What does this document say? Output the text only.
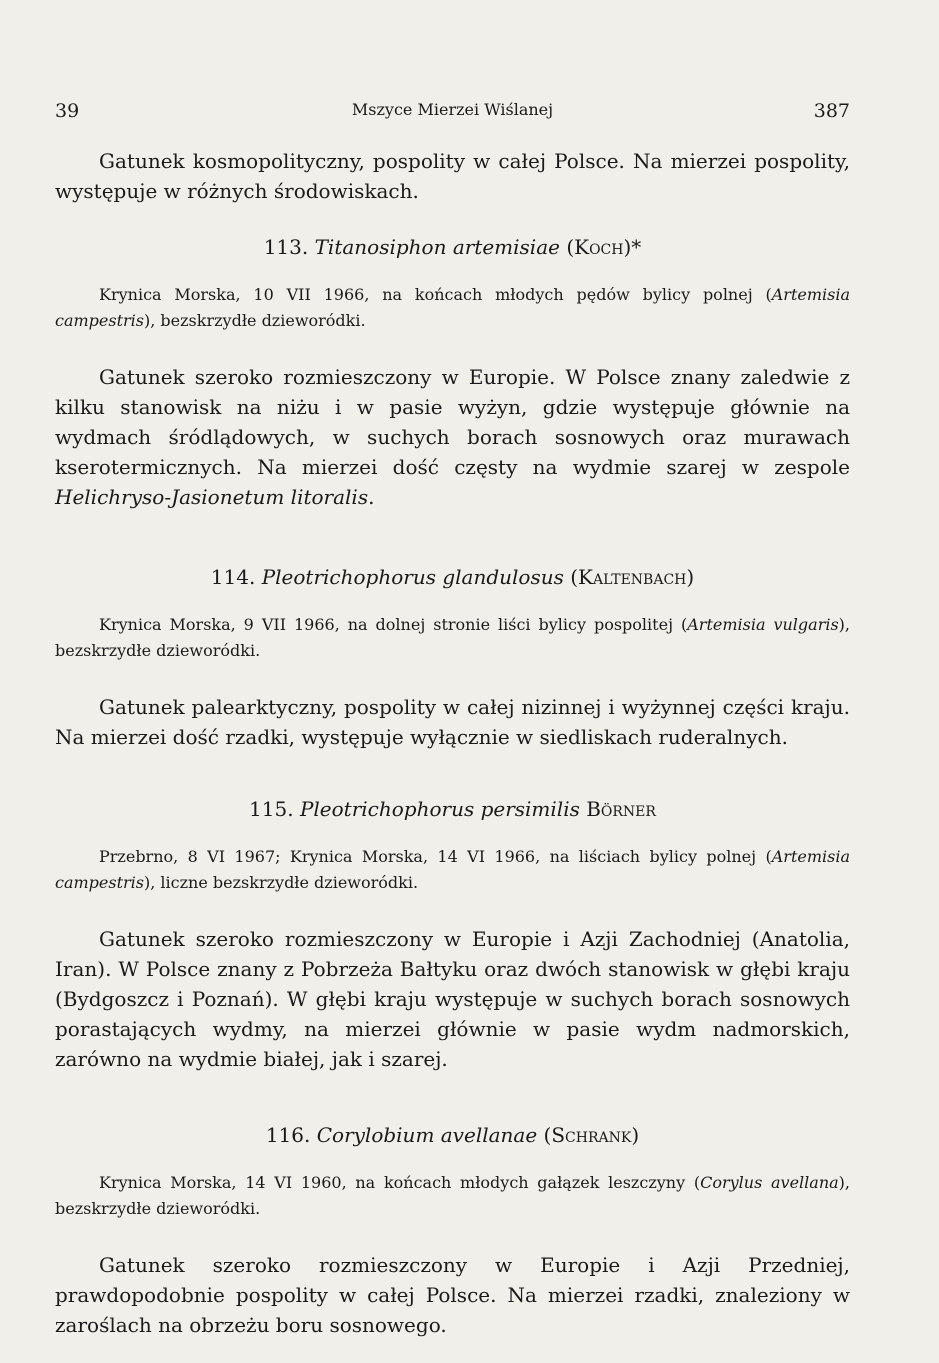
39	Mszyce Mierzei Wiślanej	387

Gatunek kosmopolityczny, pospolity w całej Polsce. Na mierzei pospolity, występuje w różnych środowiskach.

113. Titanosiphon artemisiae (Koch)*

Krynica Morska, 10 VII 1966, na końcach młodych pędów bylicy polnej (Artemisia campestris), bezskrzydłe dzieworódki.

Gatunek szeroko rozmieszczony w Europie. W Polsce znany zaledwie z kilku stanowisk na niżu i w pasie wyżyn, gdzie występuje głównie na wydmach śródlądowych, w suchych borach sosnowych oraz murawach kserotermicznych. Na mierzei dość częsty na wydmie szarej w zespole Helichryso-Jasionetum litoralis.

114. Pleotrichophorus glandulosus (Kaltenbach)

Krynica Morska, 9 VII 1966, na dolnej stronie liści bylicy pospolitej (Artemisia vulgaris), bezskrzydłe dzieworódki.

Gatunek palearktyczny, pospolity w całej nizinnej i wyżynnej części kraju. Na mierzei dość rzadki, występuje wyłącznie w siedliskach ruderalnych.

115. Pleotrichophorus persimilis Börner

Przebrno, 8 VI 1967; Krynica Morska, 14 VI 1966, na liściach bylicy polnej (Artemisia campestris), liczne bezskrzydłe dzieworódki.

Gatunek szeroko rozmieszczony w Europie i Azji Zachodniej (Anatolia, Iran). W Polsce znany z Pobrzeża Bałtyku oraz dwóch stanowisk w głębi kraju (Bydgoszcz i Poznań). W głębi kraju występuje w suchych borach sosnowych porastających wydmy, na mierzei głównie w pasie wydm nadmorskich, zarówno na wydmie białej, jak i szarej.

116. Corylobium avellanae (Schrank)

Krynica Morska, 14 VI 1960, na końcach młodych gałązek leszczyny (Corylus avellana), bezskrzydłe dzieworódki.

Gatunek szeroko rozmieszczony w Europie i Azji Przedniej, prawdopodobnie pospolity w całej Polsce. Na mierzei rzadki, znaleziony w zaroślach na obrzeżu boru sosnowego.
